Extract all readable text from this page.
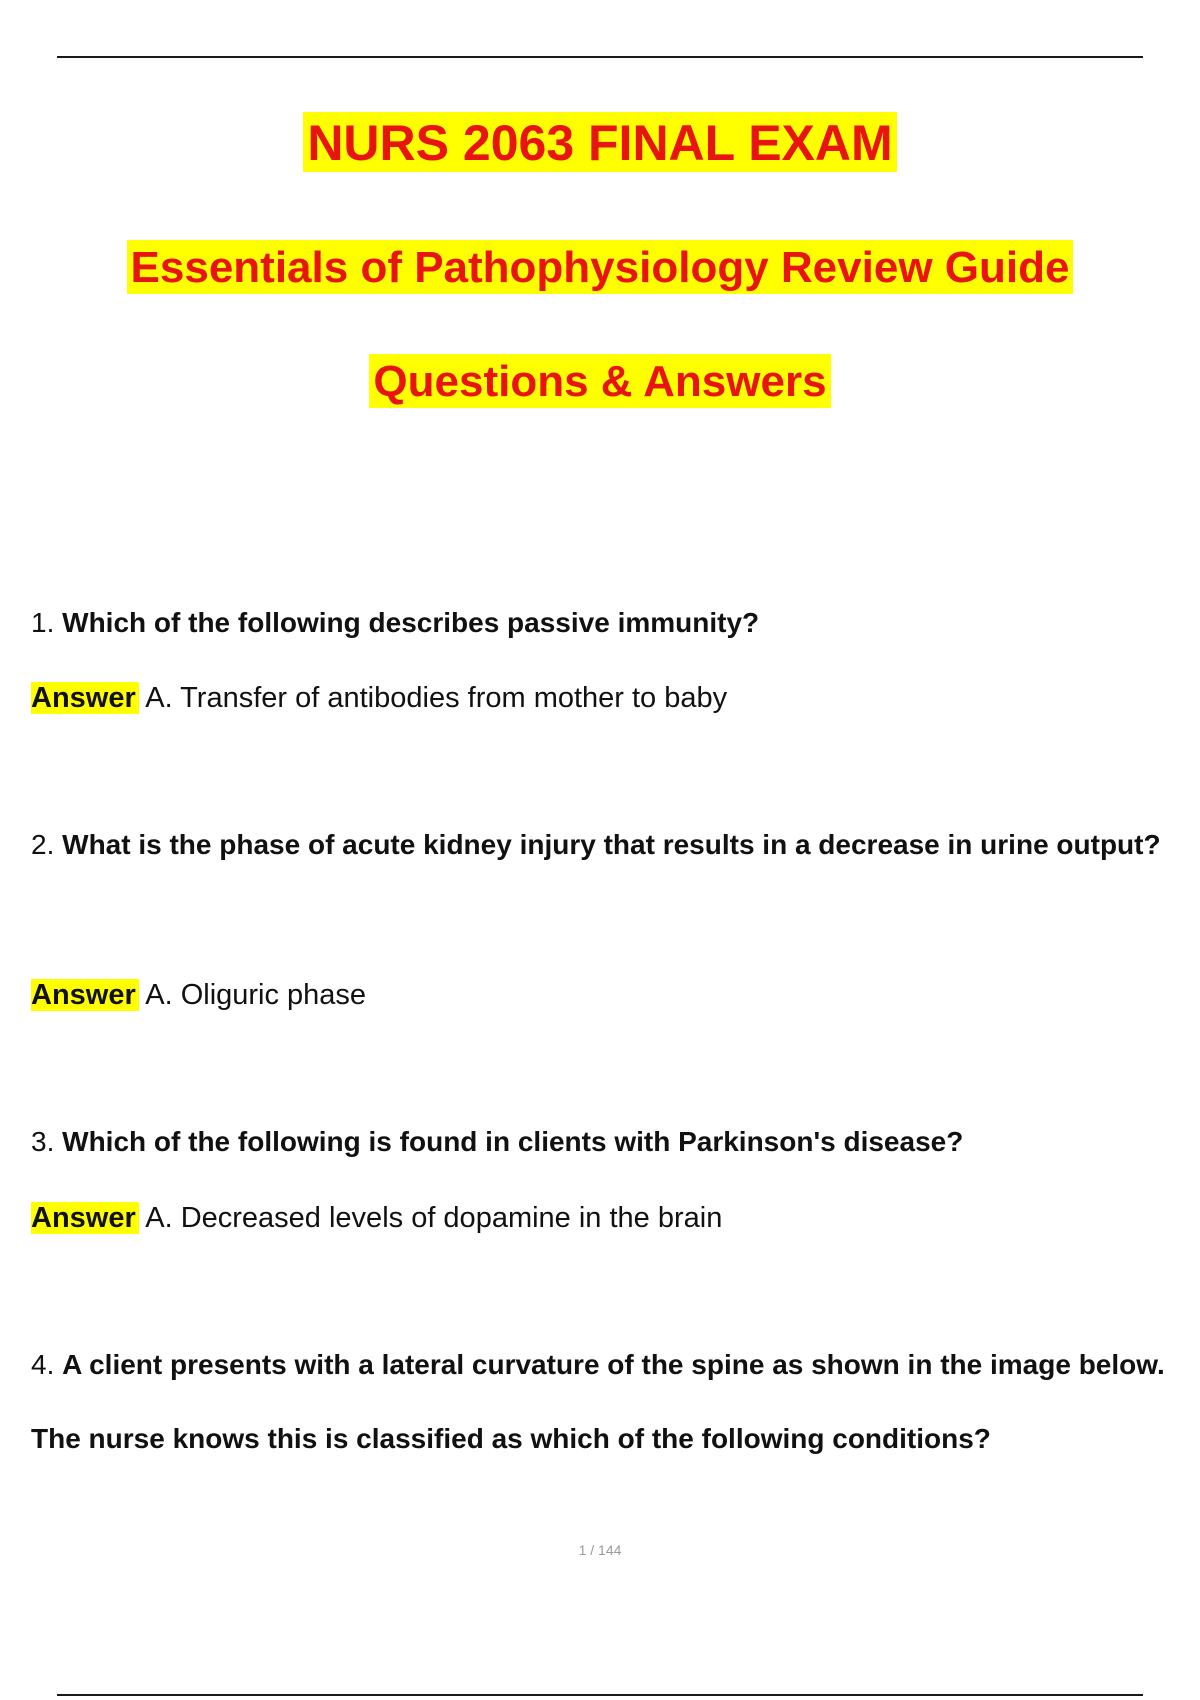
NURS 2063 FINAL EXAM
Essentials of Pathophysiology Review Guide
Questions & Answers
1. Which of the following describes passive immunity?
Answer A. Transfer of antibodies from mother to baby
2. What is the phase of acute kidney injury that results in a decrease in urine output?
Answer A. Oliguric phase
3. Which of the following is found in clients with Parkinson's disease?
Answer A. Decreased levels of dopamine in the brain
4. A client presents with a lateral curvature of the spine as shown in the image below. The nurse knows this is classified as which of the following conditions?
1 / 144
